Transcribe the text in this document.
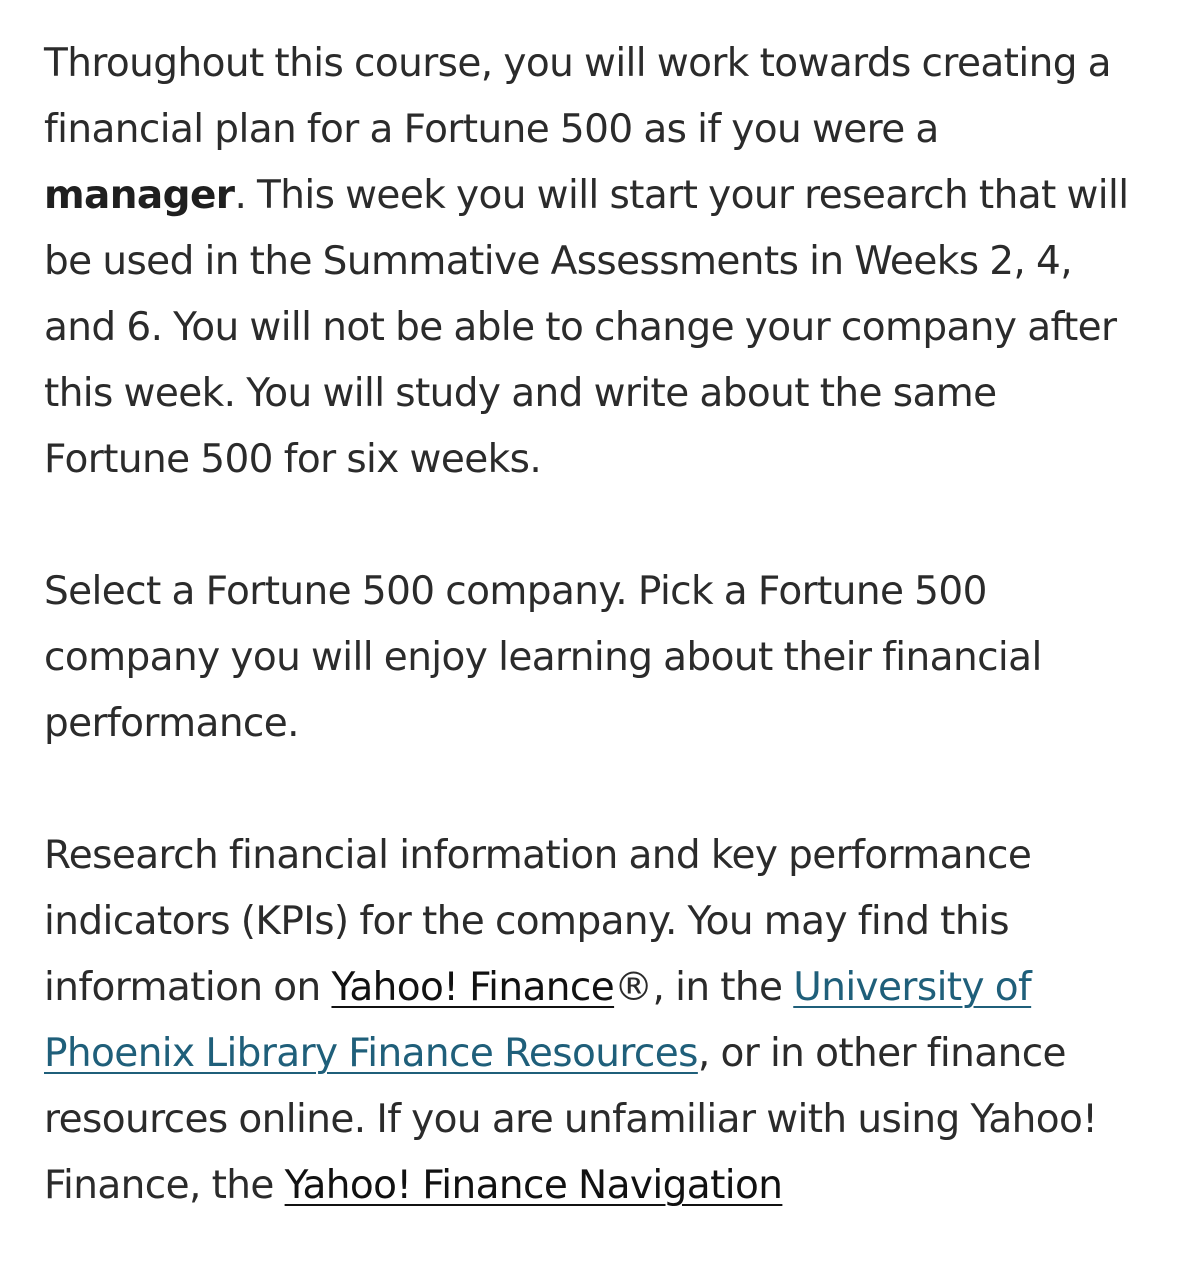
Throughout this course, you will work towards creating a financial plan for a Fortune 500 as if you were a manager. This week you will start your research that will be used in the Summative Assessments in Weeks 2, 4, and 6. You will not be able to change your company after this week. You will study and write about the same Fortune 500 for six weeks.

Select a Fortune 500 company. Pick a Fortune 500 company you will enjoy learning about their financial performance.

Research financial information and key performance indicators (KPIs) for the company. You may find this information on Yahoo! Finance®, in the University of Phoenix Library Finance Resources, or in other finance resources online. If you are unfamiliar with using Yahoo! Finance, the Yahoo! Finance Navigation
